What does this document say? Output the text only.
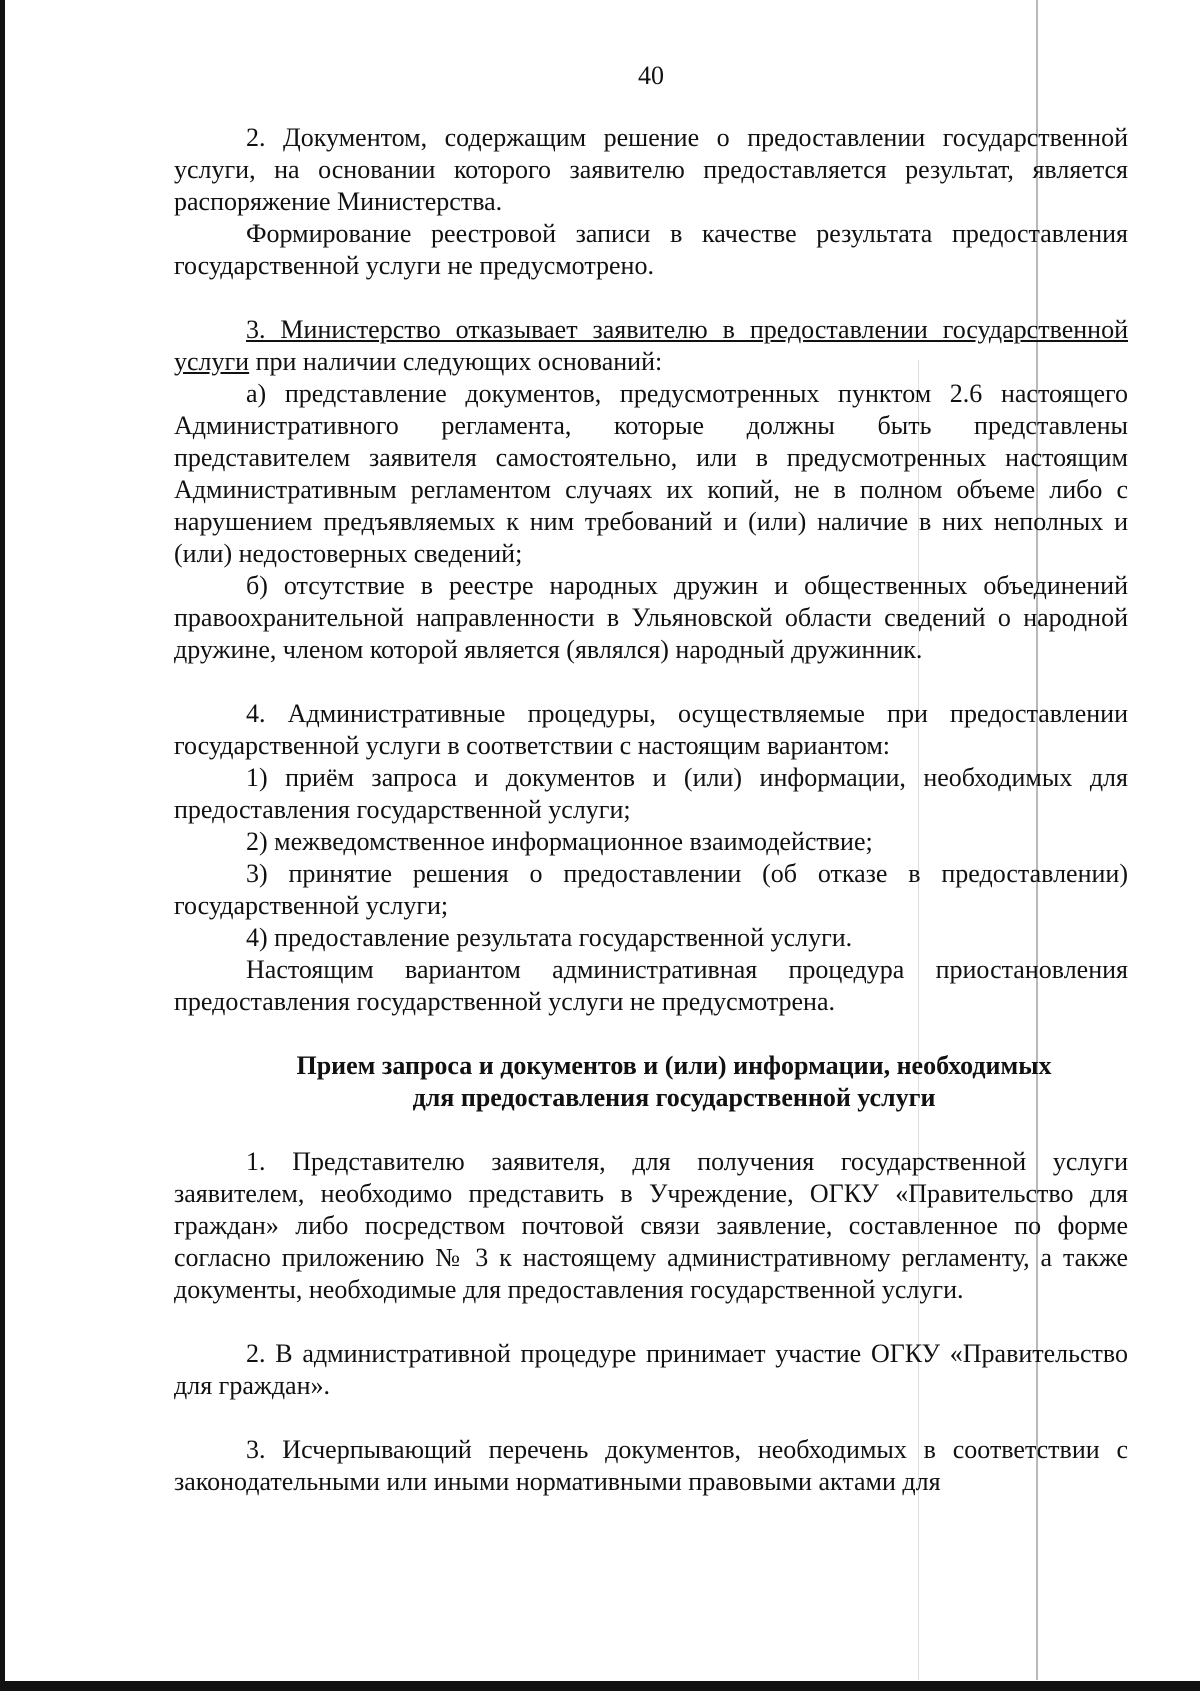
40

2. Документом, содержащим решение о предоставлении государственной услуги, на основании которого заявителю предоставляется результат, является распоряжение Министерства.

Формирование реестровой записи в качестве результата предоставления государственной услуги не предусмотрено.

3. Министерство отказывает заявителю в предоставлении государственной услуги при наличии следующих оснований:

а) представление документов, предусмотренных пунктом 2.6 настоящего Административного регламента, которые должны быть представлены представителем заявителя самостоятельно, или в предусмотренных настоящим Административным регламентом случаях их копий, не в полном объеме либо с нарушением предъявляемых к ним требований и (или) наличие в них неполных и (или) недостоверных сведений;

б) отсутствие в реестре народных дружин и общественных объединений правоохранительной направленности в Ульяновской области сведений о народной дружине, членом которой является (являлся) народный дружинник.

4. Административные процедуры, осуществляемые при предоставлении государственной услуги в соответствии с настоящим вариантом:

1) приём запроса и документов и (или) информации, необходимых для предоставления государственной услуги;

2) межведомственное информационное взаимодействие;

3) принятие решения о предоставлении (об отказе в предоставлении) государственной услуги;

4) предоставление результата государственной услуги.

Настоящим вариантом административная процедура приостановления предоставления государственной услуги не предусмотрена.

Прием запроса и документов и (или) информации, необходимых
для предоставления государственной услуги

1. Представителю заявителя, для получения государственной услуги заявителем, необходимо представить в Учреждение, ОГКУ «Правительство для граждан» либо посредством почтовой связи заявление, составленное по форме согласно приложению № 3 к настоящему административному регламенту, а также документы, необходимые для предоставления государственной услуги.

2. В административной процедуре принимает участие ОГКУ «Правительство для граждан».

3. Исчерпывающий перечень документов, необходимых в соответствии с законодательными или иными нормативными правовыми актами для
